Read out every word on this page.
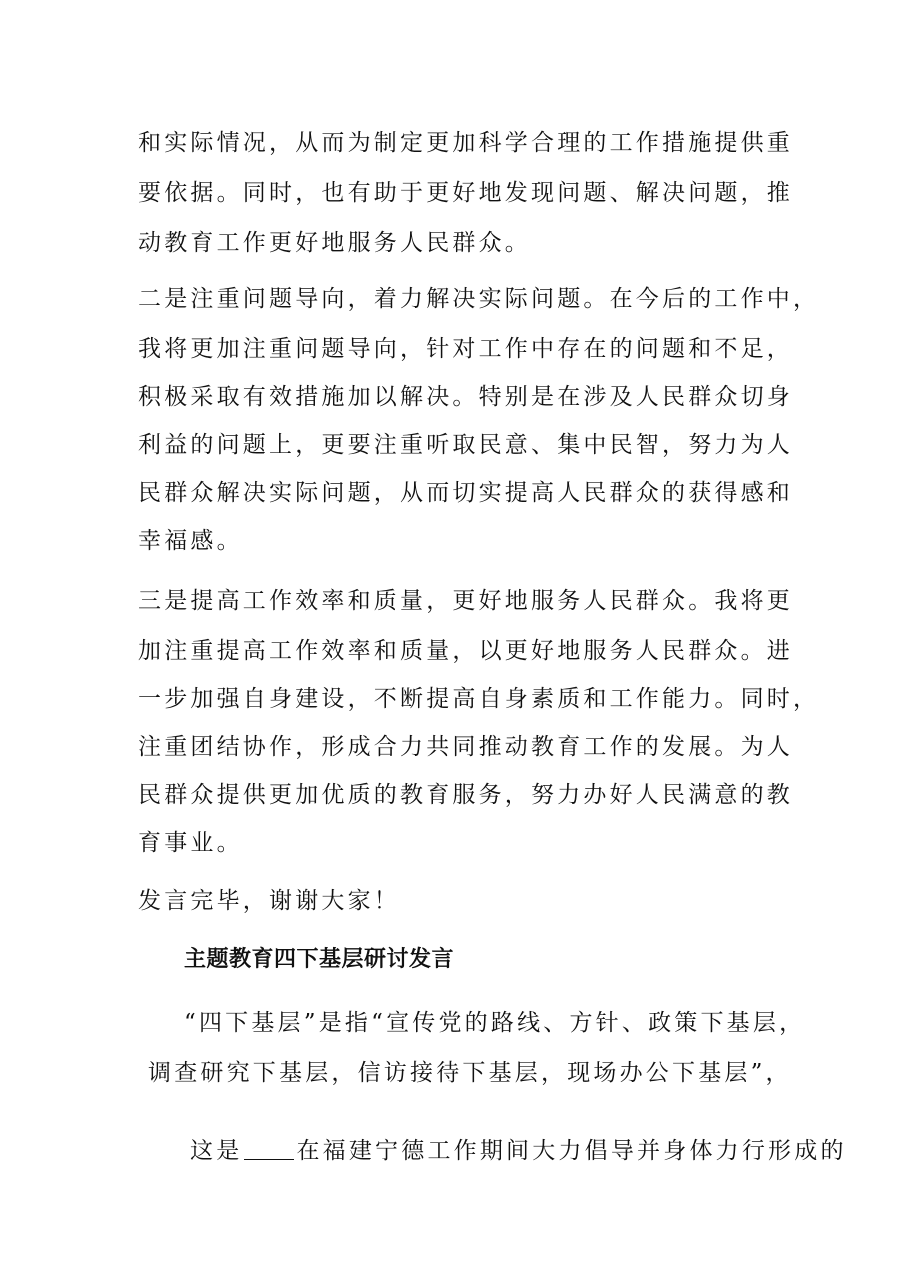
和实际情况，从而为制定更加科学合理的工作措施提供重
要依据。同时，也有助于更好地发现问题、解决问题，推
动教育工作更好地服务人民群众。
二是注重问题导向，着力解决实际问题。在今后的工作中，
我将更加注重问题导向，针对工作中存在的问题和不足，
积极采取有效措施加以解决。特别是在涉及人民群众切身
利益的问题上，更要注重听取民意、集中民智，努力为人
民群众解决实际问题，从而切实提高人民群众的获得感和
幸福感。
三是提高工作效率和质量，更好地服务人民群众。我将更
加注重提高工作效率和质量，以更好地服务人民群众。进
一步加强自身建设，不断提高自身素质和工作能力。同时，
注重团结协作，形成合力共同推动教育工作的发展。为人
民群众提供更加优质的教育服务，努力办好人民满意的教
育事业。
发言完毕，谢谢大家！
主题教育四下基层研讨发言
“四下基层”是指“宣传党的路线、方针、政策下基层，
调查研究下基层，信访接待下基层，现场办公下基层”，

这是 在福建宁德工作期间大力倡导并身体力行形成的
